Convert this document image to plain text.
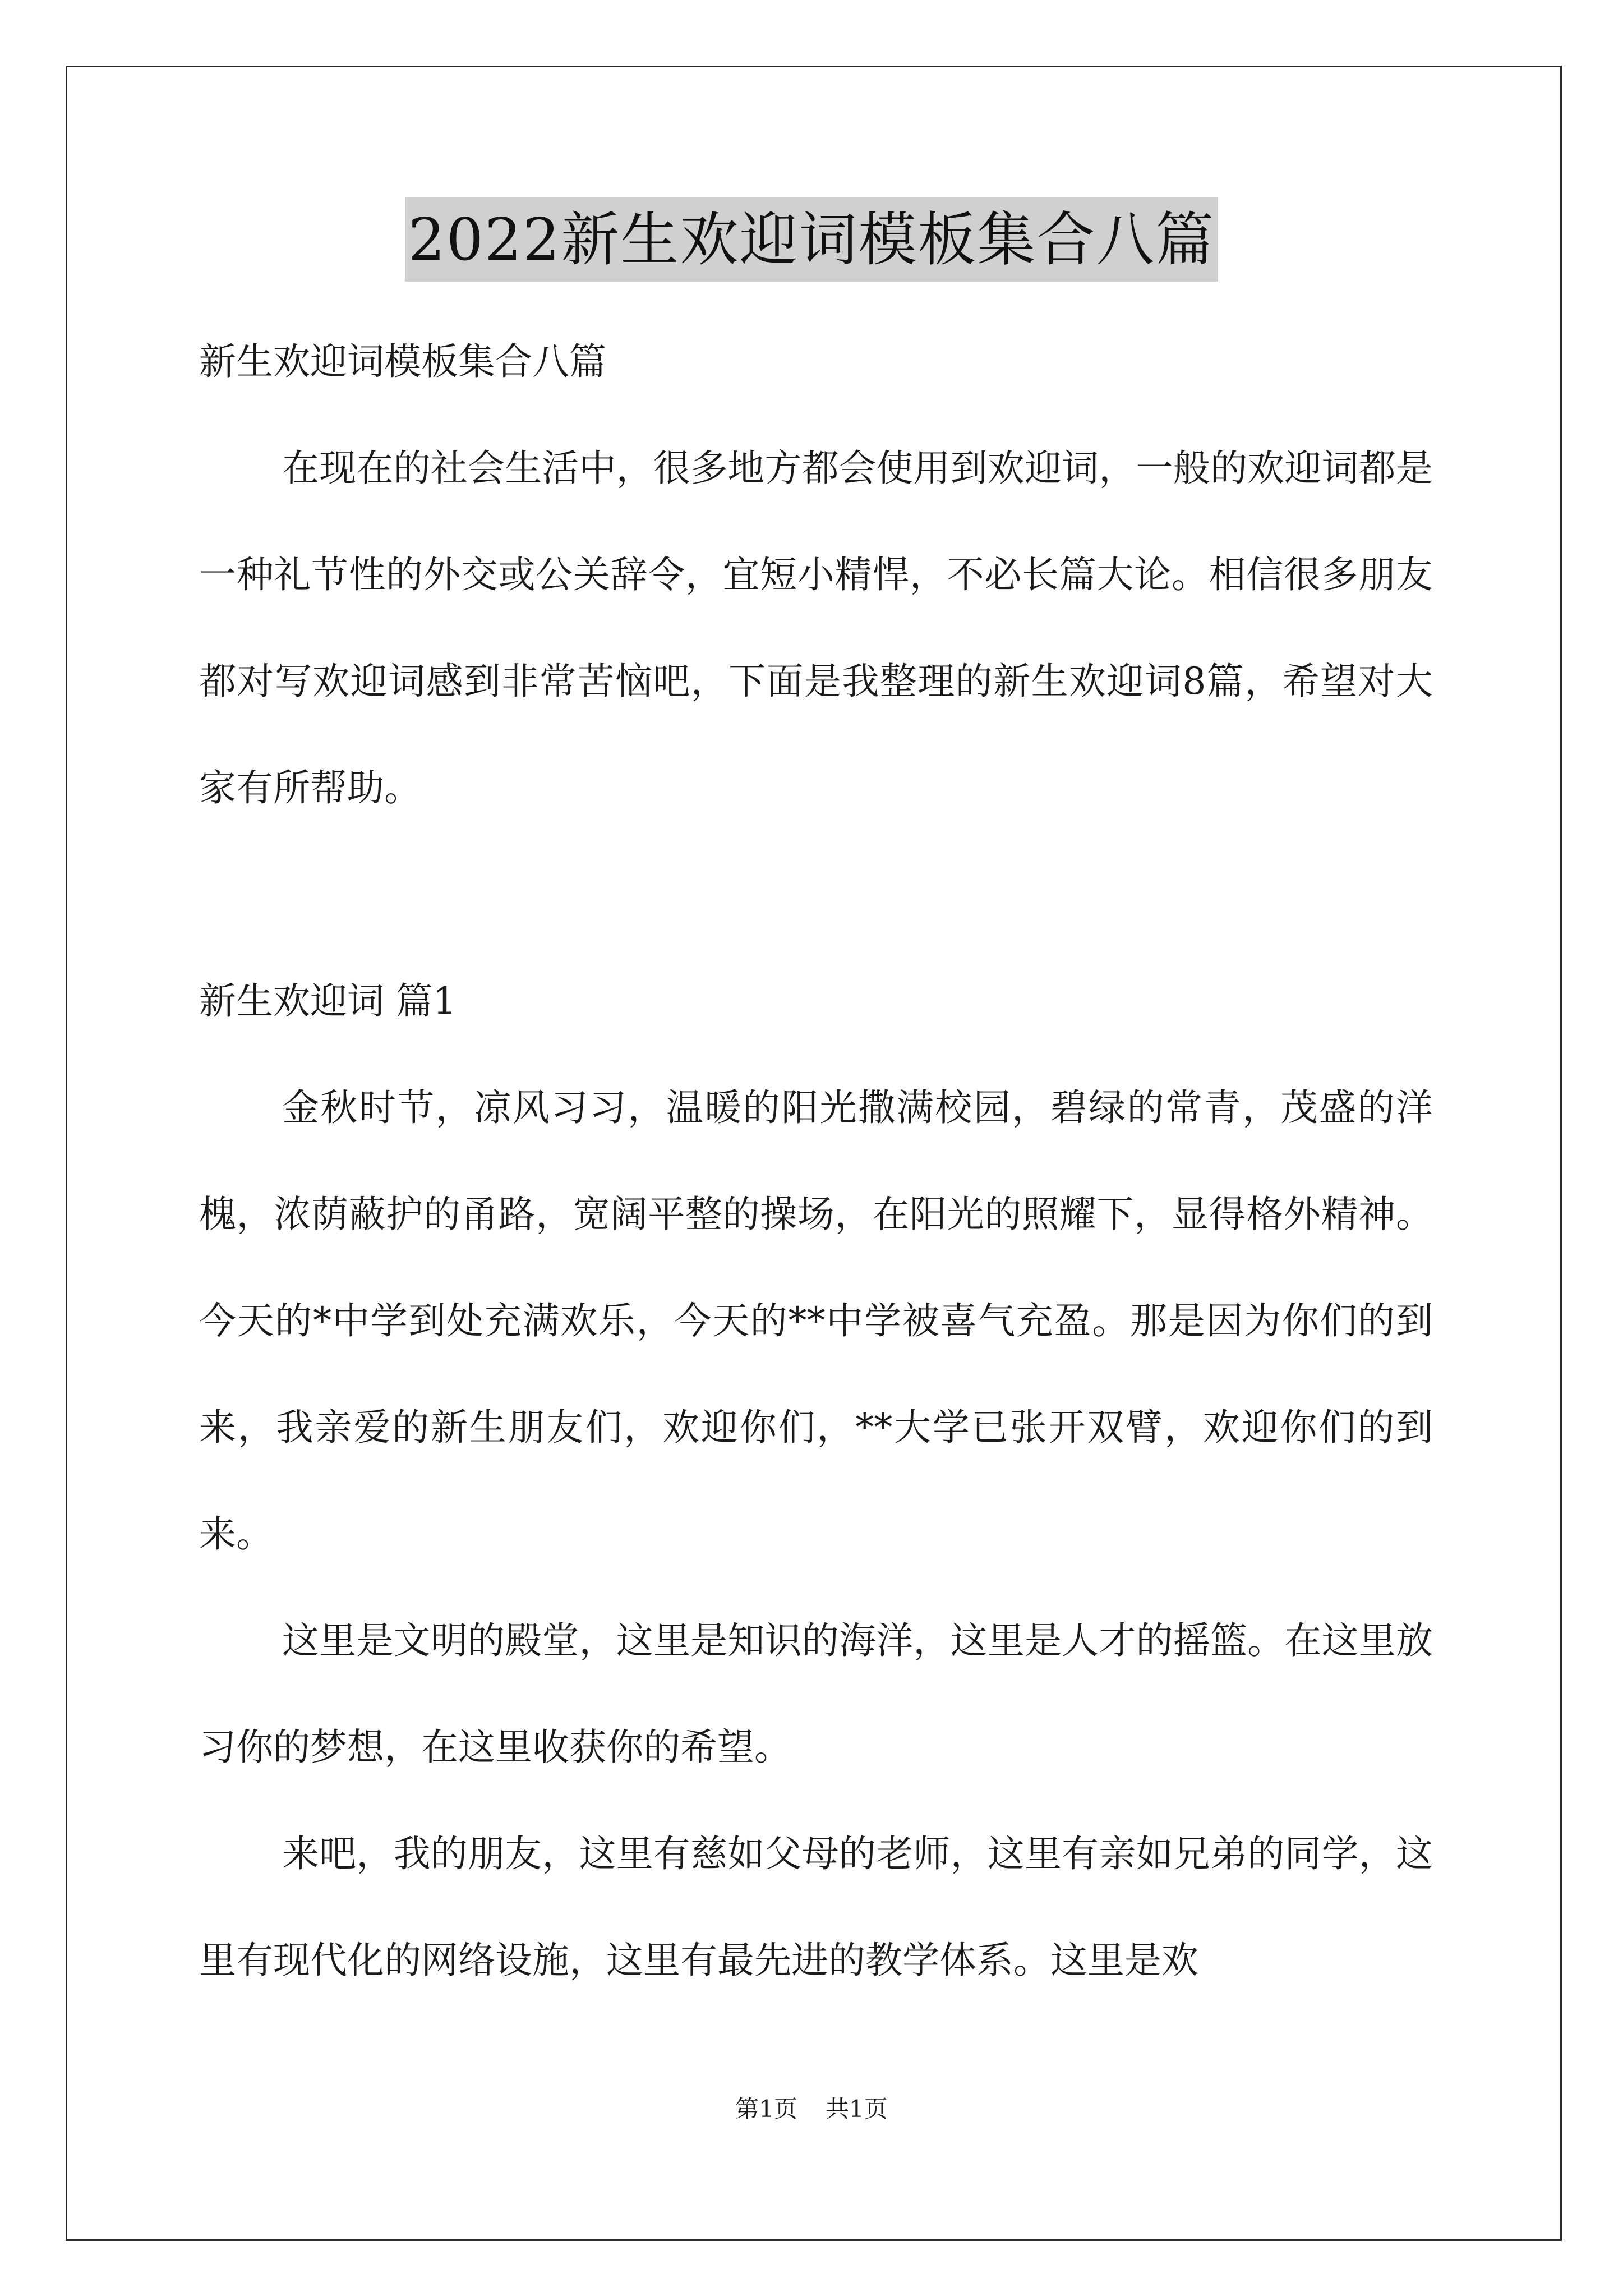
2022新生欢迎词模板集合八篇

新生欢迎词模板集合八篇

在现在的社会生活中，很多地方都会使用到欢迎词，一般的欢迎词都是一种礼节性的外交或公关辞令，宜短小精悍，不必长篇大论。相信很多朋友都对写欢迎词感到非常苦恼吧，下面是我整理的新生欢迎词8篇，希望对大家有所帮助。

新生欢迎词 篇1

金秋时节，凉风习习，温暖的阳光撒满校园，碧绿的常青，茂盛的洋槐，浓荫蔽护的甬路，宽阔平整的操场，在阳光的照耀下，显得格外精神。今天的*中学到处充满欢乐，今天的**中学被喜气充盈。那是因为你们的到来，我亲爱的新生朋友们，欢迎你们，**大学已张开双臂，欢迎你们的到来。

这里是文明的殿堂，这里是知识的海洋，这里是人才的摇篮。在这里放习你的梦想，在这里收获你的希望。

来吧，我的朋友，这里有慈如父母的老师，这里有亲如兄弟的同学，这里有现代化的网络设施，这里有最先进的教学体系。这里是欢

第1页 共1页
